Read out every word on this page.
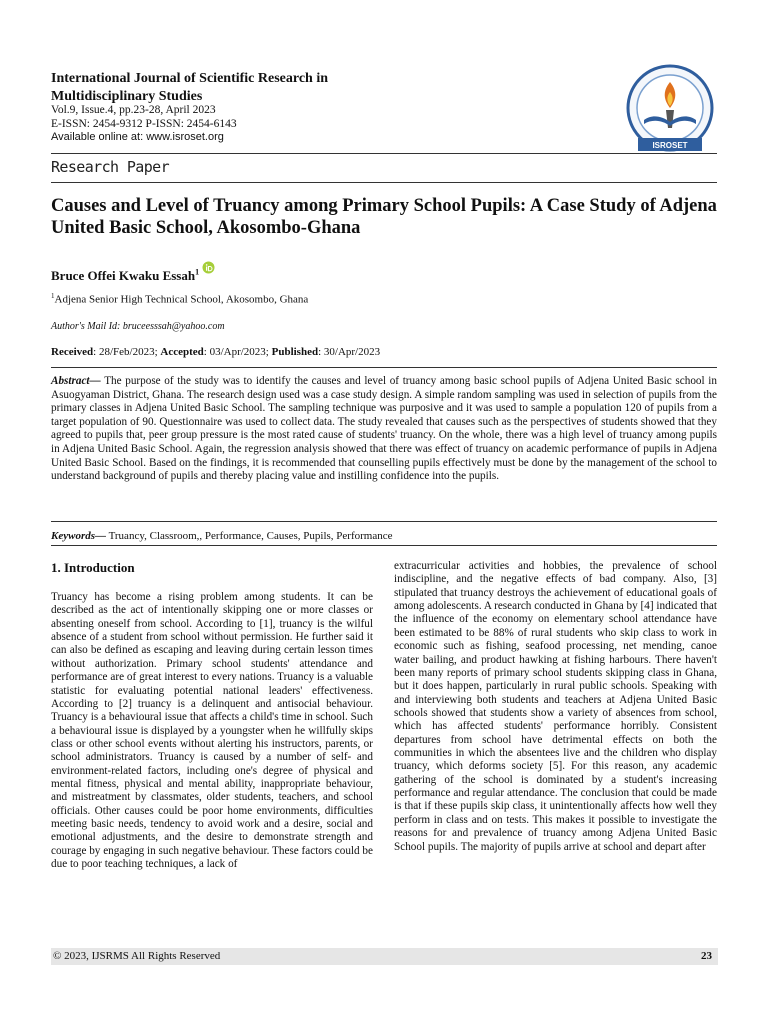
International Journal of Scientific Research in Multidisciplinary Studies
Vol.9, Issue.4, pp.23-28, April 2023
E-ISSN: 2454-9312 P-ISSN: 2454-6143
Available online at: www.isroset.org
ISROSET
Research Paper
Causes and Level of Truancy among Primary School Pupils: A Case Study of Adjena United Basic School, Akosombo-Ghana
Bruce Offei Kwaku Essah$^1$
$^1$Adjena Senior High Technical School, Akosombo, Ghana
Author's Mail Id: bruceesssah@yahoo.com
Received: 28/Feb/2023; Accepted: 03/Apr/2023; Published: 30/Apr/2023
Abstract— The purpose of the study was to identify the causes and level of truancy among basic school pupils of Adjena United Basic school in Asuogyaman District, Ghana. The research design used was a case study design. A simple random sampling was used in selection of pupils from the primary classes in Adjena United Basic School. The sampling technique was purposive and it was used to sample a population 120 of pupils from a target population of 90. Questionnaire was used to collect data. The study revealed that causes such as the perspectives of students showed that they agreed to pupils that, peer group pressure is the most rated cause of students' truancy. On the whole, there was a high level of truancy among pupils in Adjena United Basic School. Again, the regression analysis showed that there was effect of truancy on academic performance of pupils in Adjena United Basic School. Based on the findings, it is recommended that counselling pupils effectively must be done by the management of the school to understand background of pupils and thereby placing value and instilling confidence into the pupils.
Keywords— Truancy, Classroom,, Performance, Causes, Pupils, Performance
1. Introduction
Truancy has become a rising problem among students. It can be described as the act of intentionally skipping one or more classes or absenting oneself from school. According to [1], truancy is the wilful absence of a student from school without permission. He further said it can also be defined as escaping and leaving during certain lesson times without authorization. Primary school students' attendance and performance are of great interest to every nations. Truancy is a valuable statistic for evaluating potential national leaders' effectiveness. According to [2] truancy is a delinquent and antisocial behaviour. Truancy is a behavioural issue that affects a child's time in school. Such a behavioural issue is displayed by a youngster when he willfully skips class or other school events without alerting his instructors, parents, or school administrators. Truancy is caused by a number of self- and environment-related factors, including one's degree of physical and mental fitness, physical and mental ability, inappropriate behaviour, and mistreatment by classmates, older students, teachers, and school officials. Other causes could be poor home environments, difficulties meeting basic needs, tendency to avoid work and a desire, social and emotional adjustments, and the desire to demonstrate strength and courage by engaging in such negative behaviour. These factors could be due to poor teaching techniques, a lack of
extracurricular activities and hobbies, the prevalence of school indiscipline, and the negative effects of bad company. Also, [3] stipulated that truancy destroys the achievement of educational goals of among adolescents. A research conducted in Ghana by [4] indicated that the influence of the economy on elementary school attendance have been estimated to be 88% of rural students who skip class to work in economic such as fishing, seafood processing, net mending, canoe water bailing, and product hawking at fishing harbours. There haven't been many reports of primary school students skipping class in Ghana, but it does happen, particularly in rural public schools. Speaking with and interviewing both students and teachers at Adjena United Basic schools showed that students show a variety of absences from school, which has affected students' performance horribly. Consistent departures from school have detrimental effects on both the communities in which the absentees live and the children who display truancy, which deforms society [5]. For this reason, any academic gathering of the school is dominated by a student's increasing performance and regular attendance. The conclusion that could be made is that if these pupils skip class, it unintentionally affects how well they perform in class and on tests. This makes it possible to investigate the reasons for and prevalence of truancy among Adjena United Basic School pupils. The majority of pupils arrive at school and depart after
© 2023, IJSRMS All Rights Reserved	23
